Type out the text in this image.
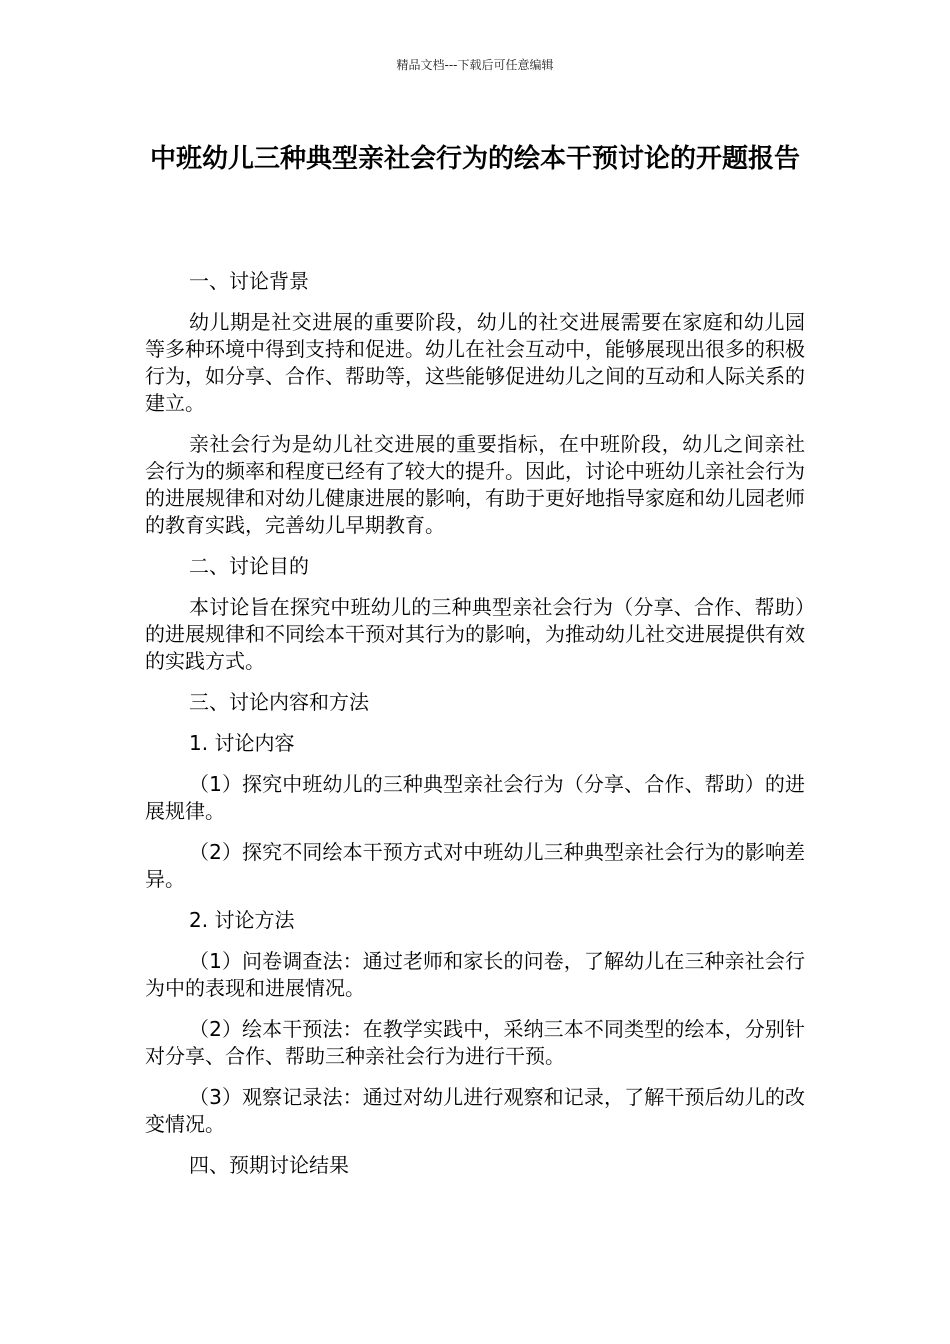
精品文档---下载后可任意编辑
中班幼儿三种典型亲社会行为的绘本干预讨论的开题报告

一、讨论背景

幼儿期是社交进展的重要阶段，幼儿的社交进展需要在家庭和幼儿园等多种环境中得到支持和促进。幼儿在社会互动中，能够展现出很多的积极行为，如分享、合作、帮助等，这些能够促进幼儿之间的互动和人际关系的建立。

亲社会行为是幼儿社交进展的重要指标，在中班阶段，幼儿之间亲社会行为的频率和程度已经有了较大的提升。因此，讨论中班幼儿亲社会行为的进展规律和对幼儿健康进展的影响，有助于更好地指导家庭和幼儿园老师的教育实践，完善幼儿早期教育。

二、讨论目的

本讨论旨在探究中班幼儿的三种典型亲社会行为（分享、合作、帮助）的进展规律和不同绘本干预对其行为的影响，为推动幼儿社交进展提供有效的实践方式。

三、讨论内容和方法

1. 讨论内容

（1）探究中班幼儿的三种典型亲社会行为（分享、合作、帮助）的进展规律。

（2）探究不同绘本干预方式对中班幼儿三种典型亲社会行为的影响差异。

2. 讨论方法

（1）问卷调查法：通过老师和家长的问卷，了解幼儿在三种亲社会行为中的表现和进展情况。

（2）绘本干预法：在教学实践中，采纳三本不同类型的绘本，分别针对分享、合作、帮助三种亲社会行为进行干预。

（3）观察记录法：通过对幼儿进行观察和记录，了解干预后幼儿的改变情况。

四、预期讨论结果
